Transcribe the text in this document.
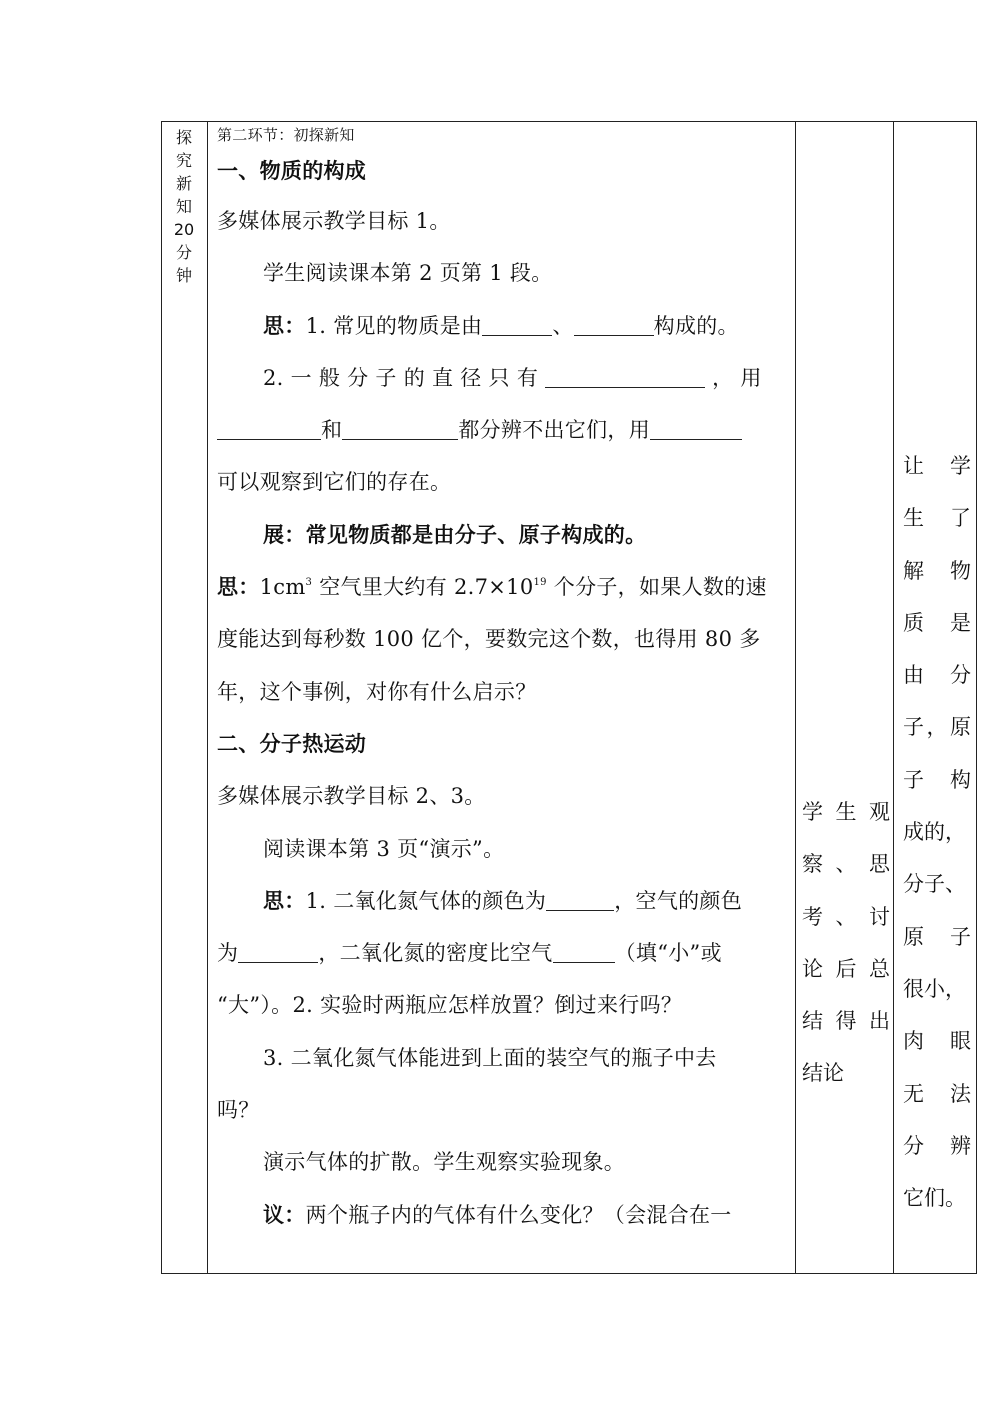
探
究
新
知
20
分
钟
第二环节：初探新知
一、物质的构成
多媒体展示教学目标 1。
学生阅读课本第 2 页第 1 段。
思：1. 常见的物质是由	、	构成的。
2. 一 般 分 子 的 直 径 只 有	， 用
和	都分辨不出它们，用
可以观察到它们的存在。
展：常见物质都是由分子、原子构成的。
思：$1cm^3$ 空气里大约有 $2.7\times 10^{19}$ 个分子，如果人数的速
度能达到每秒数 100 亿个，要数完这个数，也得用 80 多
年，这个事例，对你有什么启示？
二、分子热运动
多媒体展示教学目标 2、3。
阅读课本第 3 页“演示”。
思：1. 二氧化氮气体的颜色为	，空气的颜色
为	，二氧化氮的密度比空气	（填“小”或
“大”）。2. 实验时两瓶应怎样放置？倒过来行吗？
3. 二氧化氮气体能进到上面的装空气的瓶子中去
吗？
演示气体的扩散。学生观察实验现象。
议：两个瓶子内的气体有什么变化？（会混合在一
学生观
察、思
考、讨
论后总
结得出
结论
让学
生了
解物
质是
由分
子，原
子构
成的，
分子、
原子
很小，
肉眼
无法
分辨
它们。
